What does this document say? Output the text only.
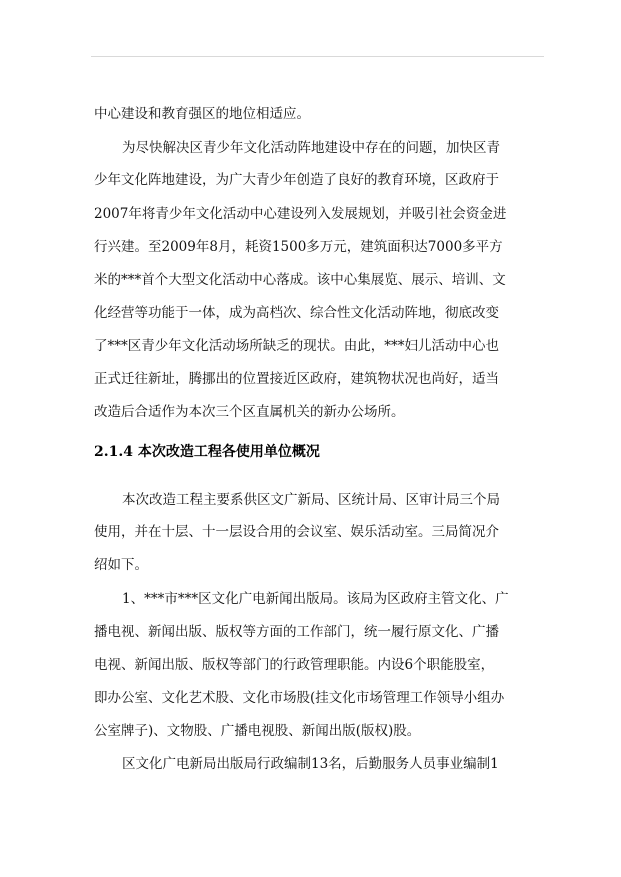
中心建设和教育强区的地位相适应。
为尽快解决区青少年文化活动阵地建设中存在的问题，加快区青
少年文化阵地建设，为广大青少年创造了良好的教育环境，区政府于
2007年将青少年文化活动中心建设列入发展规划，并吸引社会资金进
行兴建。至2009年8月，耗资1500多万元，建筑面积达7000多平方
米的***首个大型文化活动中心落成。该中心集展览、展示、培训、文
化经营等功能于一体，成为高档次、综合性文化活动阵地，彻底改变
了***区青少年文化活动场所缺乏的现状。由此，***妇儿活动中心也
正式迁往新址，腾挪出的位置接近区政府，建筑物状况也尚好，适当
改造后合适作为本次三个区直属机关的新办公场所。
2.1.4 本次改造工程各使用单位概况
本次改造工程主要系供区文广新局、区统计局、区审计局三个局
使用，并在十层、十一层设合用的会议室、娱乐活动室。三局简况介
绍如下。
1、***市***区文化广电新闻出版局。该局为区政府主管文化、广
播电视、新闻出版、版权等方面的工作部门，统一履行原文化、广播
电视、新闻出版、版权等部门的行政管理职能。内设6个职能股室，
即办公室、文化艺术股、文化市场股(挂文化市场管理工作领导小组办
公室牌子)、文物股、广播电视股、新闻出版(版权)股。
区文化广电新局出版局行政编制13名，后勤服务人员事业编制1
